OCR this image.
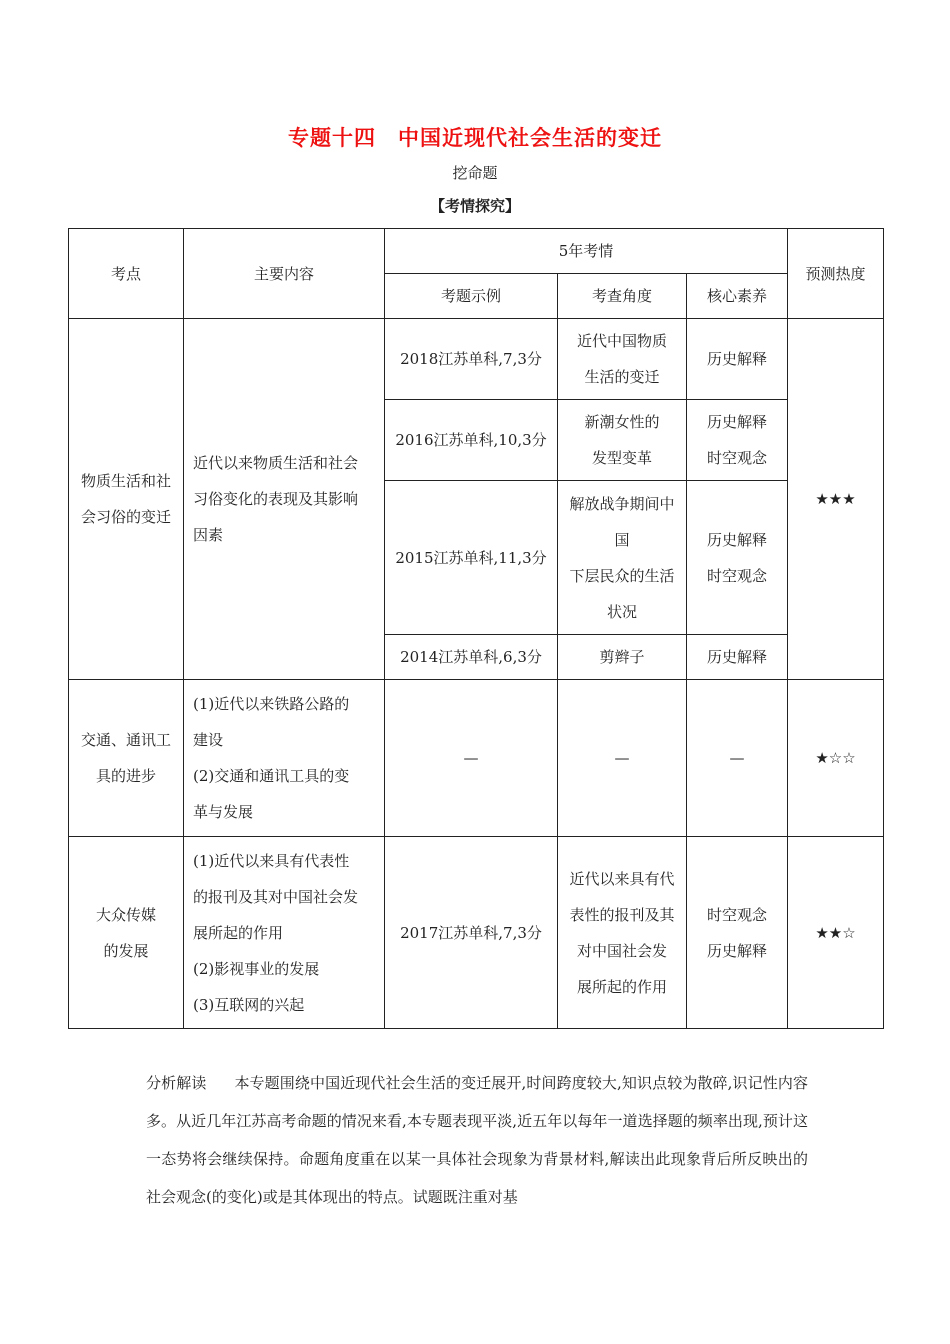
专题十四　中国近现代社会生活的变迁
挖命题
【考情探究】
考点	主要内容	5年考情			预测热度
		考题示例	考查角度	核心素养	

物质生活和社
会习俗的变迁	近代以来物质生活和社会
习俗变化的表现及其影响
因素	2018江苏单科,7,3分	近代中国物质
生活的变迁	历史解释	★★★
		2016江苏单科,10,3分	新潮女性的
发型变革	历史解释
时空观念	

		2015江苏单科,11,3分	解放战争期间中
国
下层民众的生活
状况	历史解释
时空观念	

		2014江苏单科,6,3分	剪辫子	历史解释	

交通、通讯工
具的进步	(1)近代以来铁路公路的
建设
(2)交通和通讯工具的变
革与发展	—	—	—	★☆☆

大众传媒
的发展	(1)近代以来具有代表性
的报刊及其对中国社会发
展所起的作用
(2)影视事业的发展
(3)互联网的兴起	2017江苏单科,7,3分	近代以来具有代
表性的报刊及其
对中国社会发
展所起的作用	时空观念
历史解释	★★☆
分析解读 本专题围绕中国近现代社会生活的变迁展开,时间跨度较大,知识点较为散碎,识记性内容多。从近几年江苏高考命题的情况来看,本专题表现平淡,近五年以每年一道选择题的频率出现,预计这一态势将会继续保持。命题角度重在以某一具体社会现象为背景材料,解读出此现象背后所反映出的社会观念(的变化)或是其体现出的特点。试题既注重对基
